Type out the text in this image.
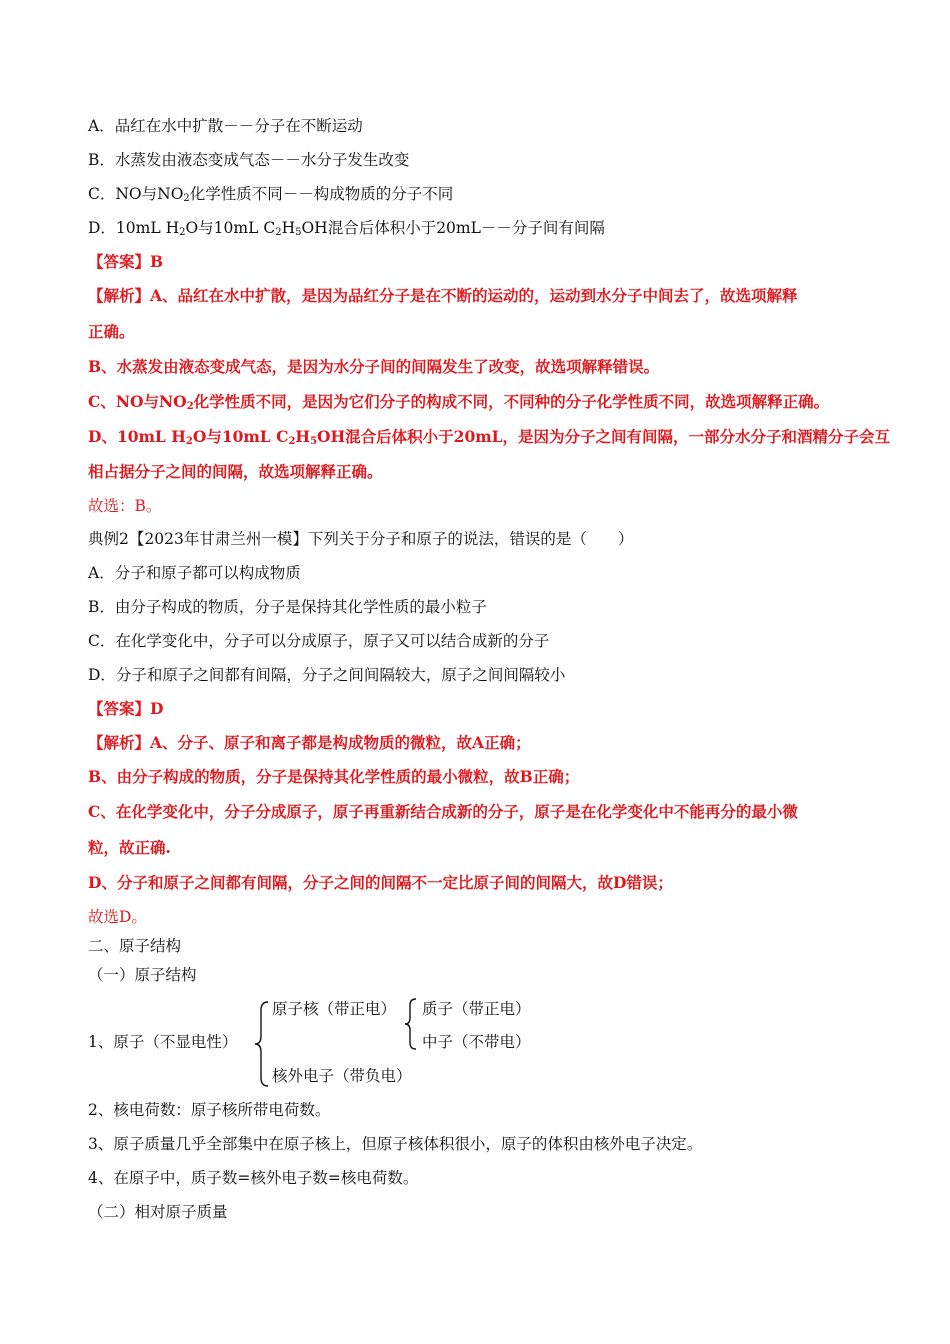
A．品红在水中扩散－－分子在不断运动
B．水蒸发由液态变成气态－－水分子发生改变
C．NO与$NO_2$化学性质不同－－构成物质的分子不同
D．10mL $H_2O$与10mL $C_2H_5OH$混合后体积小于20mL－－分子间有间隔
【答案】B
【解析】A、品红在水中扩散，是因为品红分子是在不断的运动的，运动到水分子中间去了，故选项解释
正确。
B、水蒸发由液态变成气态，是因为水分子间的间隔发生了改变，故选项解释错误。
C、NO与$NO_2$化学性质不同，是因为它们分子的构成不同，不同种的分子化学性质不同，故选项解释正确。
D、10mL $H_2O$与10mL $C_2H_5OH$混合后体积小于20mL，是因为分子之间有间隔，一部分水分子和酒精分子会互
相占据分子之间的间隔，故选项解释正确。
故选：B。
典例2【2023年甘肃兰州一模】下列关于分子和原子的说法，错误的是（　　）
A．分子和原子都可以构成物质
B．由分子构成的物质，分子是保持其化学性质的最小粒子
C．在化学变化中，分子可以分成原子，原子又可以结合成新的分子
D．分子和原子之间都有间隔，分子之间间隔较大，原子之间间隔较小
【答案】D
【解析】A、分子、原子和离子都是构成物质的微粒，故A正确；
B、由分子构成的物质，分子是保持其化学性质的最小微粒，故B正确；
C、在化学变化中，分子分成原子，原子再重新结合成新的分子，原子是在化学变化中不能再分的最小微
粒，故正确.
D、分子和原子之间都有间隔，分子之间的间隔不一定比原子间的间隔大，故D错误；
故选D。
二、原子结构
（一）原子结构
1、原子（不显电性）
原子核（带正电） 质子（带正电）
中子（不带电）
核外电子（带负电）
2、核电荷数：原子核所带电荷数。
3、原子质量几乎全部集中在原子核上，但原子核体积很小，原子的体积由核外电子决定。
4、在原子中，质子数=核外电子数=核电荷数。
（二）相对原子质量
